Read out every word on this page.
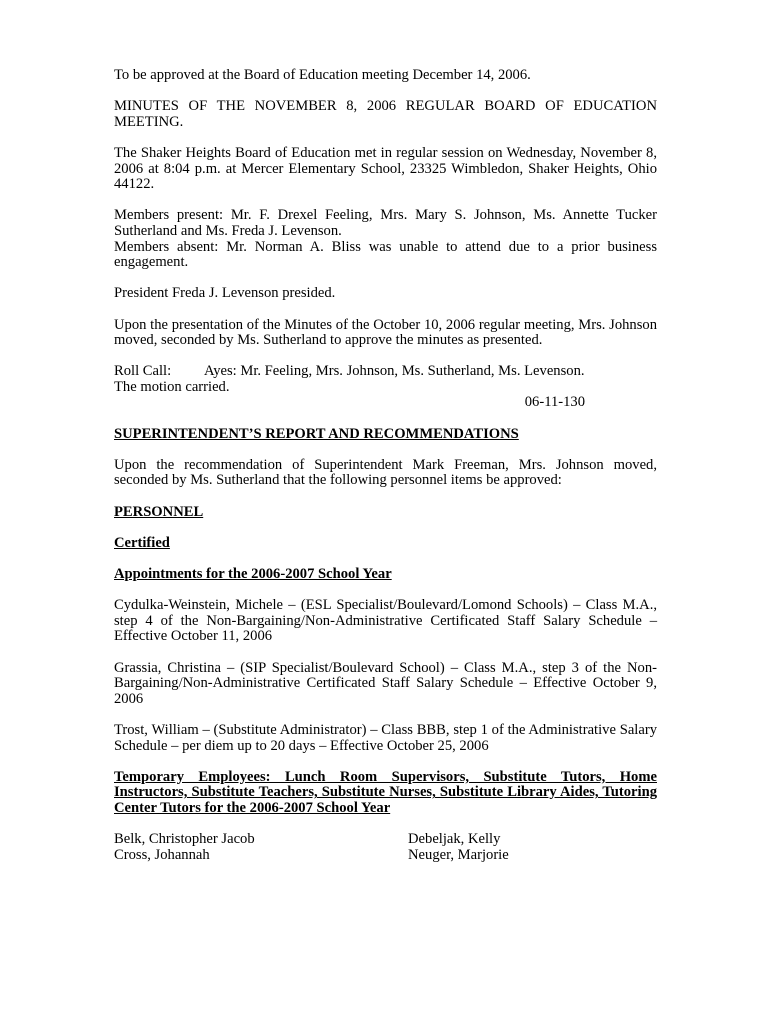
To be approved at the Board of Education meeting December 14, 2006.

MINUTES OF THE NOVEMBER 8, 2006 REGULAR BOARD OF EDUCATION MEETING.

The Shaker Heights Board of Education met in regular session on Wednesday, November 8, 2006 at 8:04 p.m. at Mercer Elementary School, 23325 Wimbledon, Shaker Heights, Ohio 44122.

Members present: Mr. F. Drexel Feeling, Mrs. Mary S. Johnson, Ms. Annette Tucker Sutherland and Ms. Freda J. Levenson.

Members absent: Mr. Norman A. Bliss was unable to attend due to a prior business engagement.

President Freda J. Levenson presided.

Upon the presentation of the Minutes of the October 10, 2006 regular meeting, Mrs. Johnson moved, seconded by Ms. Sutherland to approve the minutes as presented.

Roll Call: Ayes: Mr. Feeling, Mrs. Johnson, Ms. Sutherland, Ms. Levenson.
The motion carried.
06-11-130

SUPERINTENDENT’S REPORT AND RECOMMENDATIONS

Upon the recommendation of Superintendent Mark Freeman, Mrs. Johnson moved, seconded by Ms. Sutherland that the following personnel items be approved:

PERSONNEL

Certified

Appointments for the 2006-2007 School Year

Cydulka-Weinstein, Michele – (ESL Specialist/Boulevard/Lomond Schools) – Class M.A., step 4 of the Non-Bargaining/Non-Administrative Certificated Staff Salary Schedule – Effective October 11, 2006

Grassia, Christina – (SIP Specialist/Boulevard School) – Class M.A., step 3 of the Non-Bargaining/Non-Administrative Certificated Staff Salary Schedule – Effective October 9, 2006

Trost, William – (Substitute Administrator) – Class BBB, step 1 of the Administrative Salary Schedule – per diem up to 20 days – Effective October 25, 2006

Temporary Employees: Lunch Room Supervisors, Substitute Tutors, Home Instructors, Substitute Teachers, Substitute Nurses, Substitute Library Aides, Tutoring Center Tutors for the 2006-2007 School Year

Belk, Christopher Jacob
Cross, Johannah
Debeljak, Kelly
Neuger, Marjorie
